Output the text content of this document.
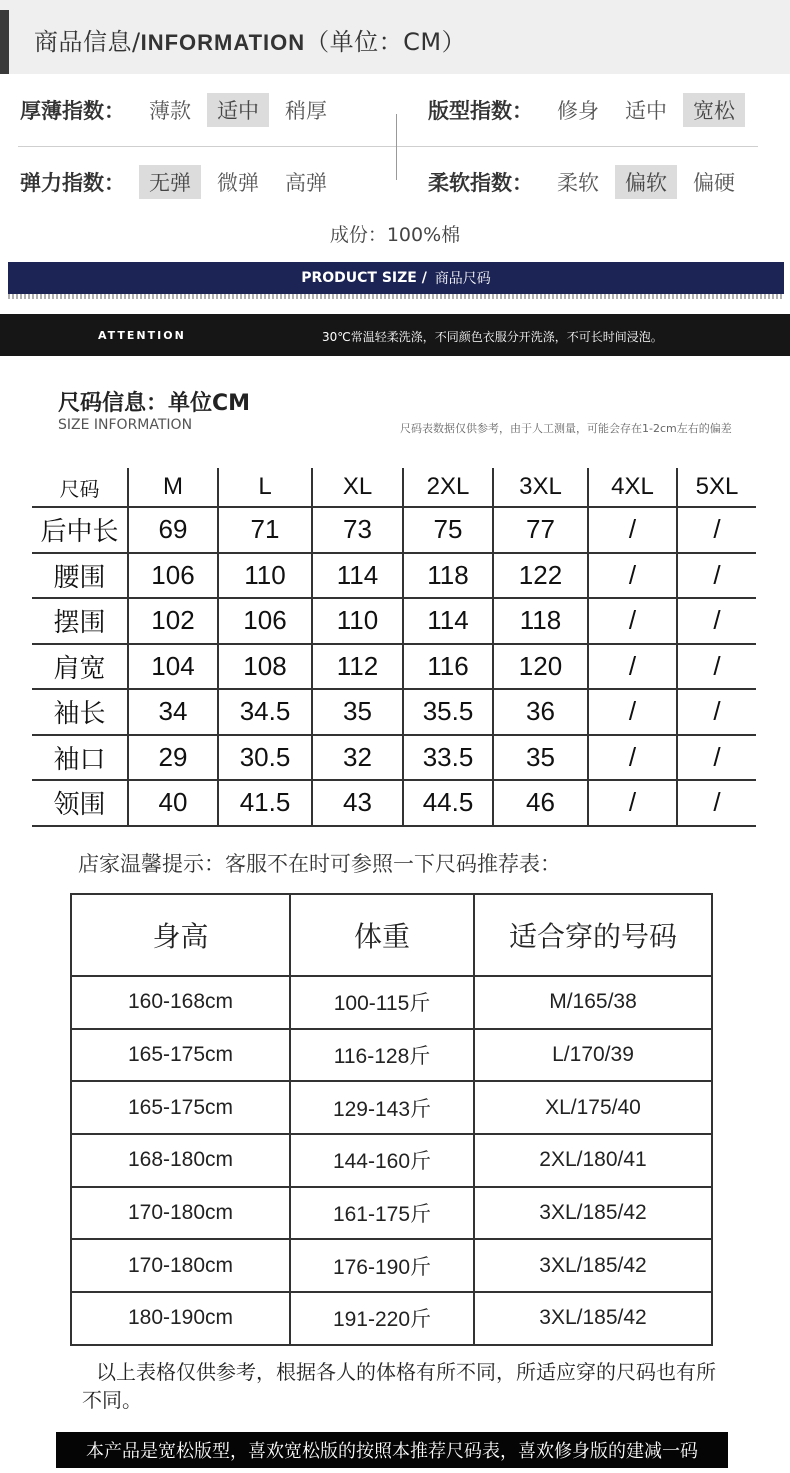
商品信息/INFORMATION（单位：CM）
厚薄指数：	薄款	适中	稍厚	版型指数：	修身	适中	宽松
弹力指数：	无弹	微弹	高弹	柔软指数：	柔软	偏软	偏硬
成份：100%棉
PRODUCT SIZE / 商品尺码
ATTENTION	30℃常温轻柔洗涤，不同颜色衣服分开洗涤，不可长时间浸泡。
尺码信息：单位CM
SIZE INFORMATION	尺码表数据仅供参考，由于人工测量，可能会存在1-2cm左右的偏差
尺码	M	L	XL	2XL	3XL	4XL	5XL
后中长	69	71	73	75	77	/	/
腰围	106	110	114	118	122	/	/
摆围	102	106	110	114	118	/	/
肩宽	104	108	112	116	120	/	/
袖长	34	34.5	35	35.5	36	/	/
袖口	29	30.5	32	33.5	35	/	/
领围	40	41.5	43	44.5	46	/	/
店家温馨提示：客服不在时可参照一下尺码推荐表：
身高	体重	适合穿的号码
160-168cm	100-115斤	M/165/38
165-175cm	116-128斤	L/170/39
165-175cm	129-143斤	XL/175/40
168-180cm	144-160斤	2XL/180/41
170-180cm	161-175斤	3XL/185/42
170-180cm	176-190斤	3XL/185/42
180-190cm	191-220斤	3XL/185/42
以上表格仅供参考，根据各人的体格有所不同，所适应穿的尺码也有所不同。
本产品是宽松版型，喜欢宽松版的按照本推荐尺码表，喜欢修身版的建减一码
